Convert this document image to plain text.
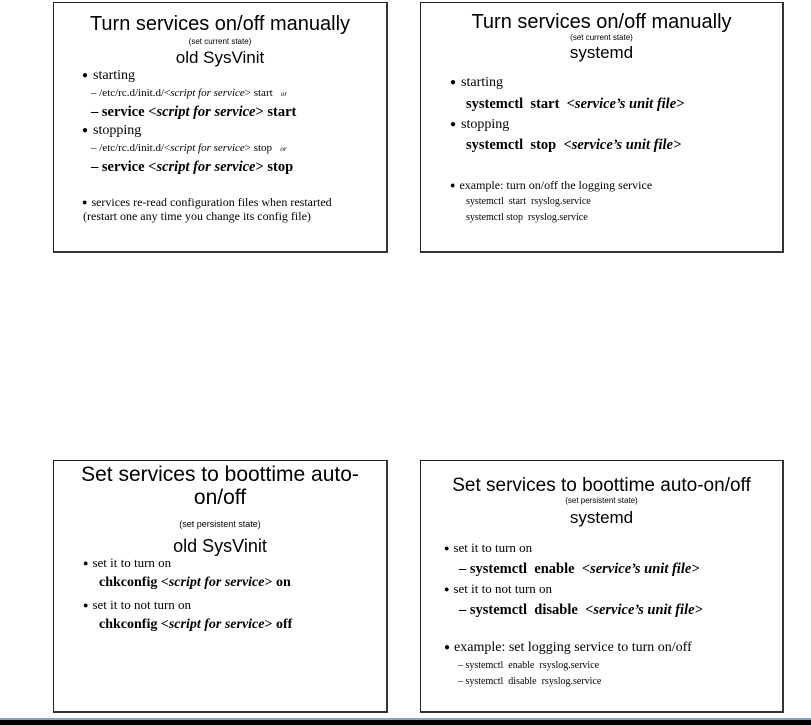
Turn services on/off manually
(set current state)
old SysVinit
● starting
– /etc/rc.d/init.d/<script for service> start or
– service <script for service> start
● stopping
– /etc/rc.d/init.d/<script for service> stop or
– service <script for service> stop
● services re-read configuration files when restarted
(restart one any time you change its config file)
Turn services on/off manually
(set current state)
systemd
● starting
systemctl  start  <service’s unit file>
● stopping
systemctl  stop  <service’s unit file>
● example: turn on/off the logging service
systemctl  start  rsyslog.service
systemctl stop  rsyslog.service
Set services to boottime auto-
on/off
(set persistent state)
old SysVinit
● set it to turn on
chkconfig <script for service> on
● set it to not turn on
chkconfig <script for service> off
Set services to boottime auto-on/off
(set persistent state)
systemd
● set it to turn on
– systemctl  enable  <service’s unit file>
● set it to not turn on
– systemctl  disable  <service’s unit file>
● example: set logging service to turn on/off
– systemctl  enable  rsyslog.service
– systemctl  disable  rsyslog.service
